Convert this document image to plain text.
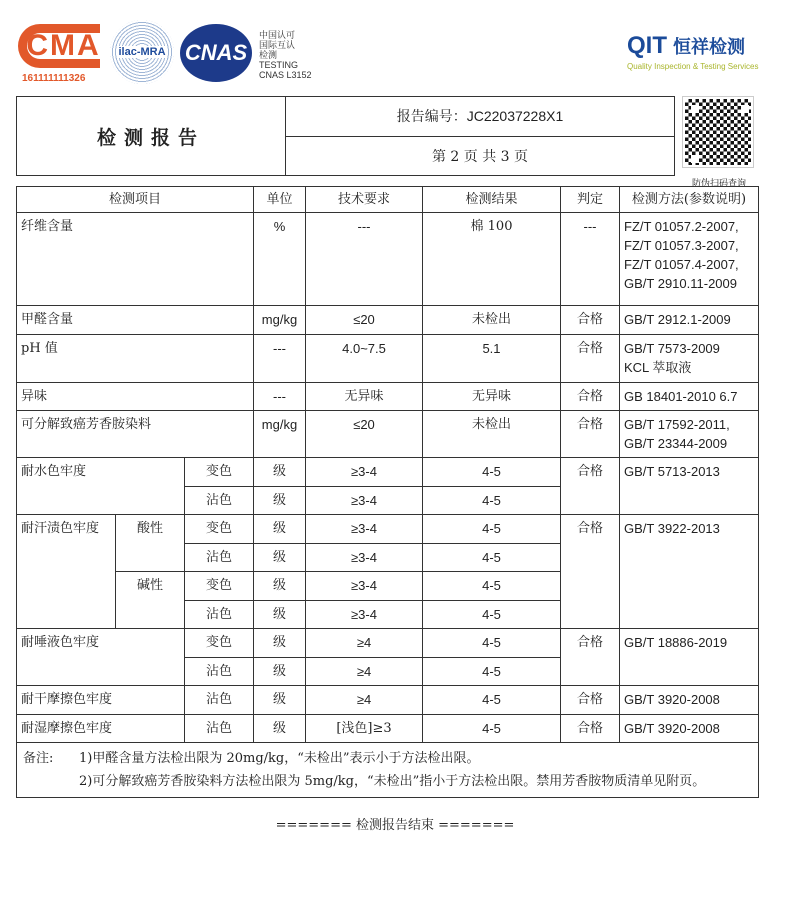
CMA
161111111326
ilac-MRA CNAS
中国认可
国际互认
检测
TESTING
CNAS L3152
QIT 恒祥检测
Quality Inspection & Testing Services
检测报告
报告编号：JC22037228X1
第 2 页 共 3 页
防伪扫码查询
检测项目			单位	技术要求	检测结果	判定	检测方法(参数说明)
纤维含量			%	---	棉 100	---	FZ/T 01057.2-2007,
FZ/T 01057.3-2007,
FZ/T 01057.4-2007,
GB/T 2910.11-2009

甲醛含量			mg/kg	≤20	未检出	合格	GB/T 2912.1-2009
pH 值			---	4.0~7.5	5.1	合格	GB/T 7573-2009
KCL 萃取液

异味			---	无异味	无异味	合格	GB 18401-2010 6.7
可分解致癌芳香胺染料			mg/kg	≤20	未检出	合格	GB/T 17592-2011,
GB/T 23344-2009

耐水色牢度		变色	级	≥3-4	4-5	合格	GB/T 5713-2013
		沾色	级	≥3-4	4-5		
耐汗渍色牢度	酸性	变色	级	≥3-4	4-5	合格	GB/T 3922-2013
		沾色	级	≥3-4	4-5		
	碱性	变色	级	≥3-4	4-5		
		沾色	级	≥3-4	4-5		
耐唾液色牢度		变色	级	≥4	4-5	合格	GB/T 18886-2019
		沾色	级	≥4	4-5		
耐干摩擦色牢度		沾色	级	≥4	4-5	合格	GB/T 3920-2008
耐湿摩擦色牢度		沾色	级	[浅色]≥3	4-5	合格	GB/T 3920-2008

备注: 1)甲醛含量方法检出限为 20mg/kg，“未检出”表示小于方法检出限。
2)可分解致癌芳香胺染料方法检出限为 5mg/kg，“未检出”指小于方法检出限。禁用芳香胺物质清单见附页。							
======= 检测报告结束 =======
